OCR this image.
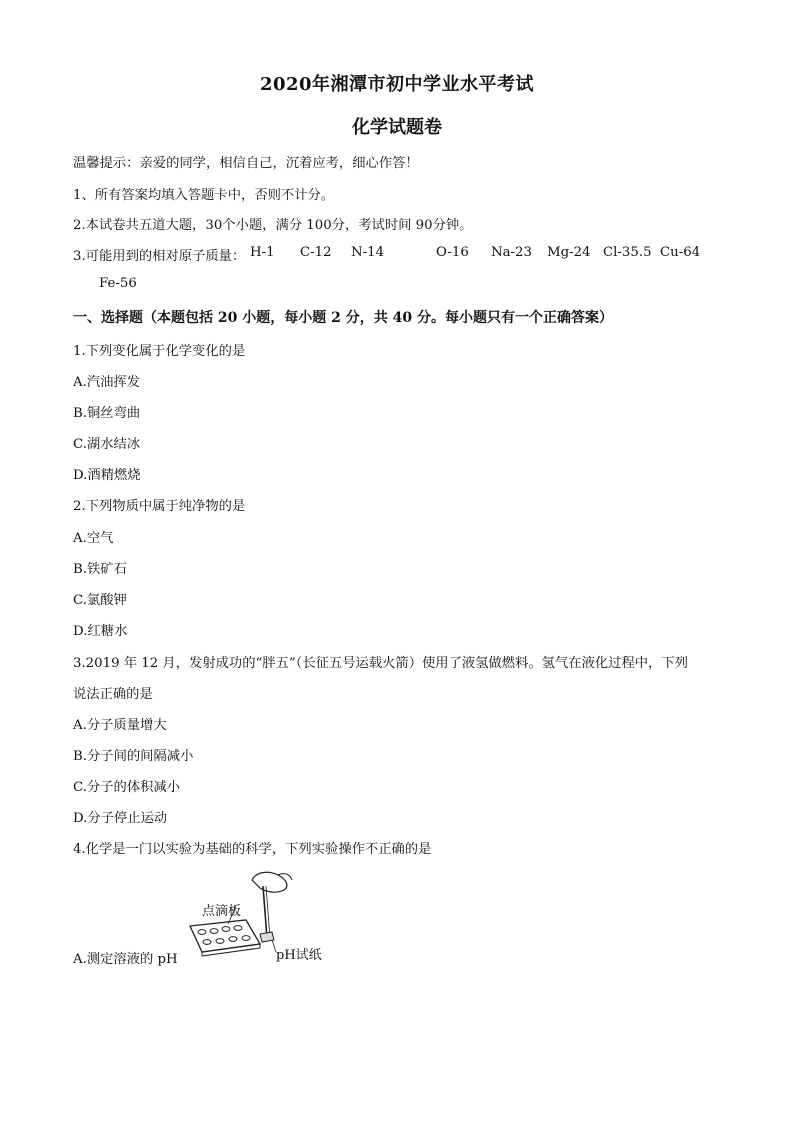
2020年湘潭市初中学业水平考试
化学试题卷
温馨提示：亲爱的同学，相信自己，沉着应考，细心作答！
1、所有答案均填入答题卡中，否则不计分。
2.本试卷共五道大题，30个小题，满分 100分，考试时间 90分钟。
3.可能用到的相对原子质量： H-1 C-12 N-14	O-16 Na-23 Mg-24 Cl-35.5 Cu-64
Fe-56
一、选择题（本题包括 20 小题，每小题 2 分，共 40 分。每小题只有一个正确答案）
1.下列变化属于化学变化的是
A.汽油挥发
B.铜丝弯曲
C.湖水结冰
D.酒精燃烧
2.下列物质中属于纯净物的是
A.空气
B.铁矿石
C.氯酸钾
D.红糖水
3.2019 年 12 月，发射成功的“胖五”（长征五号运载火箭）使用了液氢做燃料。氢气在液化过程中，下列
说法正确的是
A.分子质量增大
B.分子间的间隔减小
C.分子的体积减小
D.分子停止运动
4.化学是一门以实验为基础的科学，下列实验操作不正确的是
A.测定溶液的 pH
点滴板
pH试纸
